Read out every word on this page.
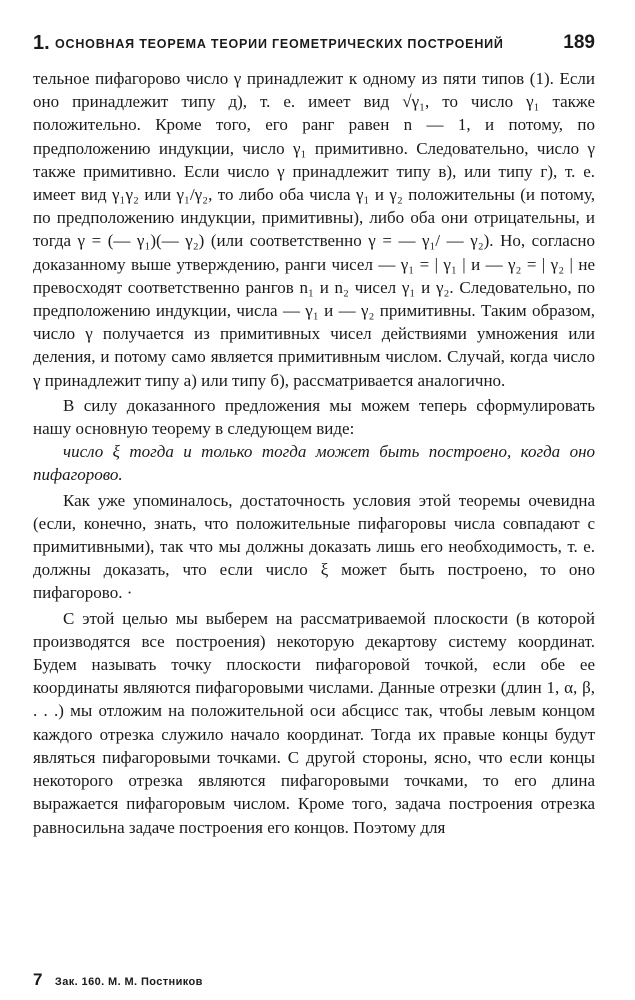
1. ОСНОВНАЯ ТЕОРЕМА ТЕОРИИ ГЕОМЕТРИЧЕСКИХ ПОСТРОЕНИЙ	189

тельное пифагорово число γ принадлежит к одному из пяти типов (1). Если оно принадлежит типу д), т. е. имеет вид √γ₁, то число γ₁ также положительно. Кроме того, его ранг равен n — 1, и потому, по предположению индукции, число γ₁ примитивно. Следовательно, число γ также примитивно. Если число γ принадлежит типу в), или типу г), т. е. имеет вид γ₁γ₂ или γ₁/γ₂, то либо оба числа γ₁ и γ₂ положительны (и потому, по предположению индукции, примитивны), либо оба они отрицательны, и тогда γ = (— γ₁)(— γ₂) (или соответственно γ = — γ₁/ — γ₂). Но, согласно доказанному выше утверждению, ранги чисел — γ₁ = | γ₁ | и — γ₂ = | γ₂ | не превосходят соответственно рангов n₁ и n₂ чисел γ₁ и γ₂. Следовательно, по предположению индукции, числа — γ₁ и — γ₂ примитивны. Таким образом, число γ получается из примитивных чисел действиями умножения или деления, и потому само является примитивным числом. Случай, когда число γ принадлежит типу а) или типу б), рассматривается аналогично.

В силу доказанного предложения мы можем теперь сформулировать нашу основную теорему в следующем виде:

число ξ тогда и только тогда может быть построено, когда оно пифагорово.

Как уже упоминалось, достаточность условия этой теоремы очевидна (если, конечно, знать, что положительные пифагоровы числа совпадают с примитивными), так что мы должны доказать лишь его необходимость, т. е. должны доказать, что если число ξ может быть построено, то оно пифагорово. ·

С этой целью мы выберем на рассматриваемой плоскости (в которой производятся все построения) некоторую декартову систему координат. Будем называть точку плоскости пифагоровой точкой, если обе ее координаты являются пифагоровыми числами. Данные отрезки (длин 1, α, β, . . .) мы отложим на положительной оси абсцисс так, чтобы левым концом каждого отрезка служило начало координат. Тогда их правые концы будут являться пифагоровыми точками. С другой стороны, ясно, что если концы некоторого отрезка являются пифагоровыми точками, то его длина выражается пифагоровым числом. Кроме того, задача построения отрезка равносильна задаче построения его концов. Поэтому для

7 Зак. 160. М. М. Постников
